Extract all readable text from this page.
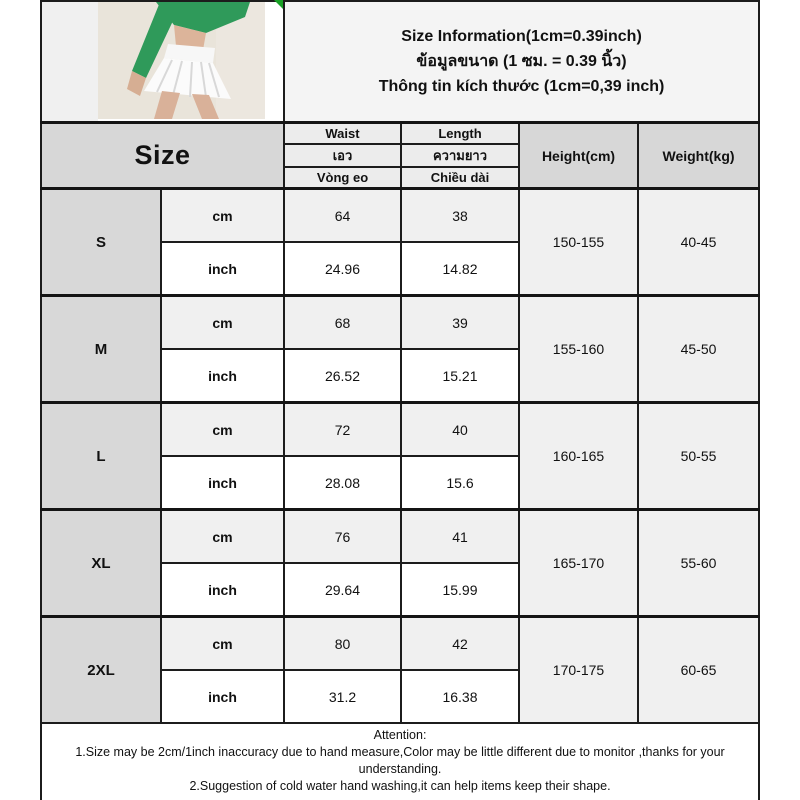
Size Information(1cm=0.39inch)
ข้อมูลขนาด (1 ซม. = 0.39 นิ้ว)
Thông tin kích thước (1cm=0,39 inch)			

Size		Waist	Length	Height(cm)	Weight(kg)
		เอว	ความยาว		
		Vòng eo	Chiều dài		
S	cm	64	38	150-155	40-45
	inch	24.96	14.82		
M	cm	68	39	155-160	45-50
	inch	26.52	15.21		
L	cm	72	40	160-165	50-55
	inch	28.08	15.6		
XL	cm	76	41	165-170	55-60
	inch	29.64	15.99		
2XL	cm	80	42	170-175	60-65
	inch	31.2	16.38		

Attention:
1.Size may be 2cm/1inch inaccuracy due to hand measure,Color may be little different due to monitor ,thanks for your understanding.
2.Suggestion of cold water hand washing,it can help items keep their shape.					
